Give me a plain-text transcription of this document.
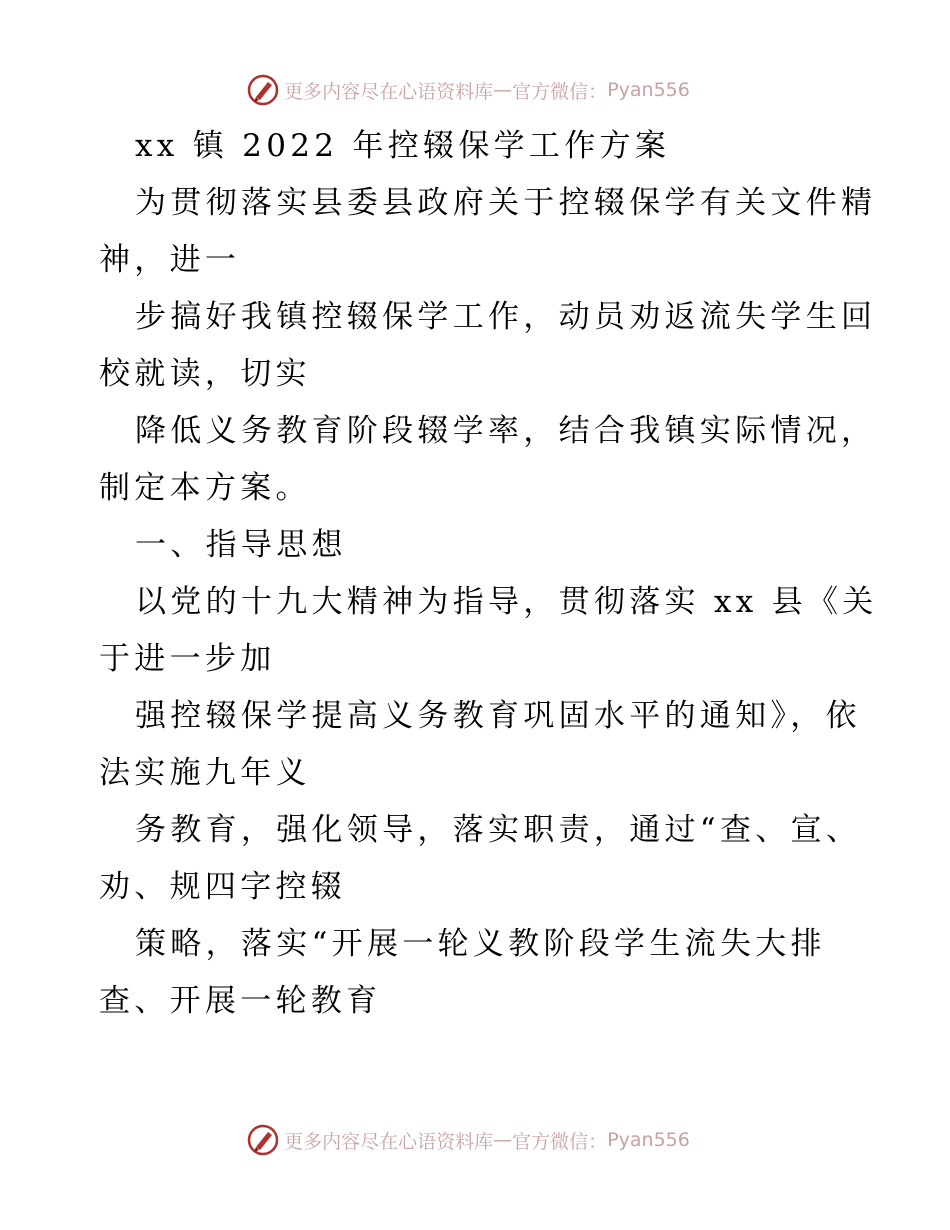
更多内容尽在心语资料库 — 官方微信： Pyan556
xx 镇 2022 年控辍保学工作方案
为贯彻落实县委县政府关于控辍保学有关文件精
神，进一
步搞好我镇控辍保学工作，动员劝返流失学生回
校就读，切实
降低义务教育阶段辍学率，结合我镇实际情况，
制定本方案。
一、指导思想
以党的十九大精神为指导，贯彻落实 xx 县《关
于进一步加
强控辍保学提高义务教育巩固水平的通知》，依
法实施九年义
务教育，强化领导，落实职责，通过“查、宣、
劝、规四字控辍
策略，落实“开展一轮义教阶段学生流失大排
查、开展一轮教育
更多内容尽在心语资料库 — 官方微信： Pyan556
